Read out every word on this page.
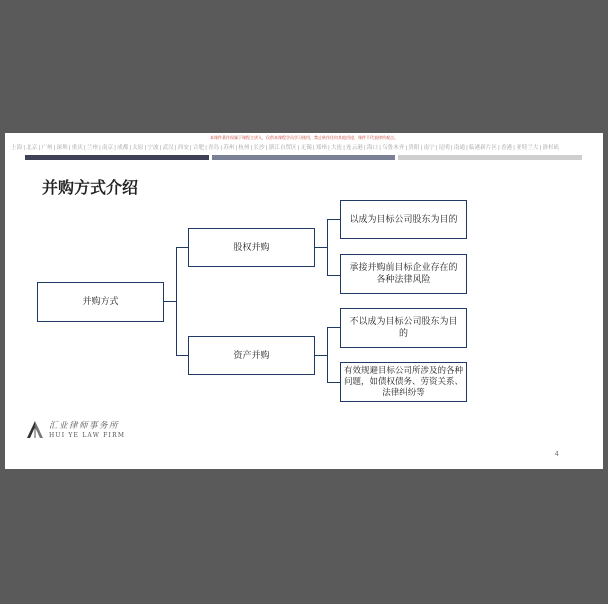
本课件著作权属于课程主讲人，仅供本课程学员学习使用，禁止转作任何其他用途，课件不代表律所观点。
上海|北京|广州|深圳|重庆|兰州|南京|成都|太原|宁波|武汉|西安|合肥|青岛|苏州|杭州|长沙|浙江自贸区|无锡|郑州|大连|连云港|海口|乌鲁木齐|贵阳|南宁|昆明|南通|临港新片区|香港|亚特兰大|洛杉矶
并购方式介绍
并购方式
股权并购
资产并购
以成为目标公司股东为目的
承接并购前目标企业存在的各种法律风险
不以成为目标公司股东为目的
有效规避目标公司所涉及的各种问题，如债权债务、劳资关系、法律纠纷等
汇业律师事务所
HUI YE LAW FIRM
4
